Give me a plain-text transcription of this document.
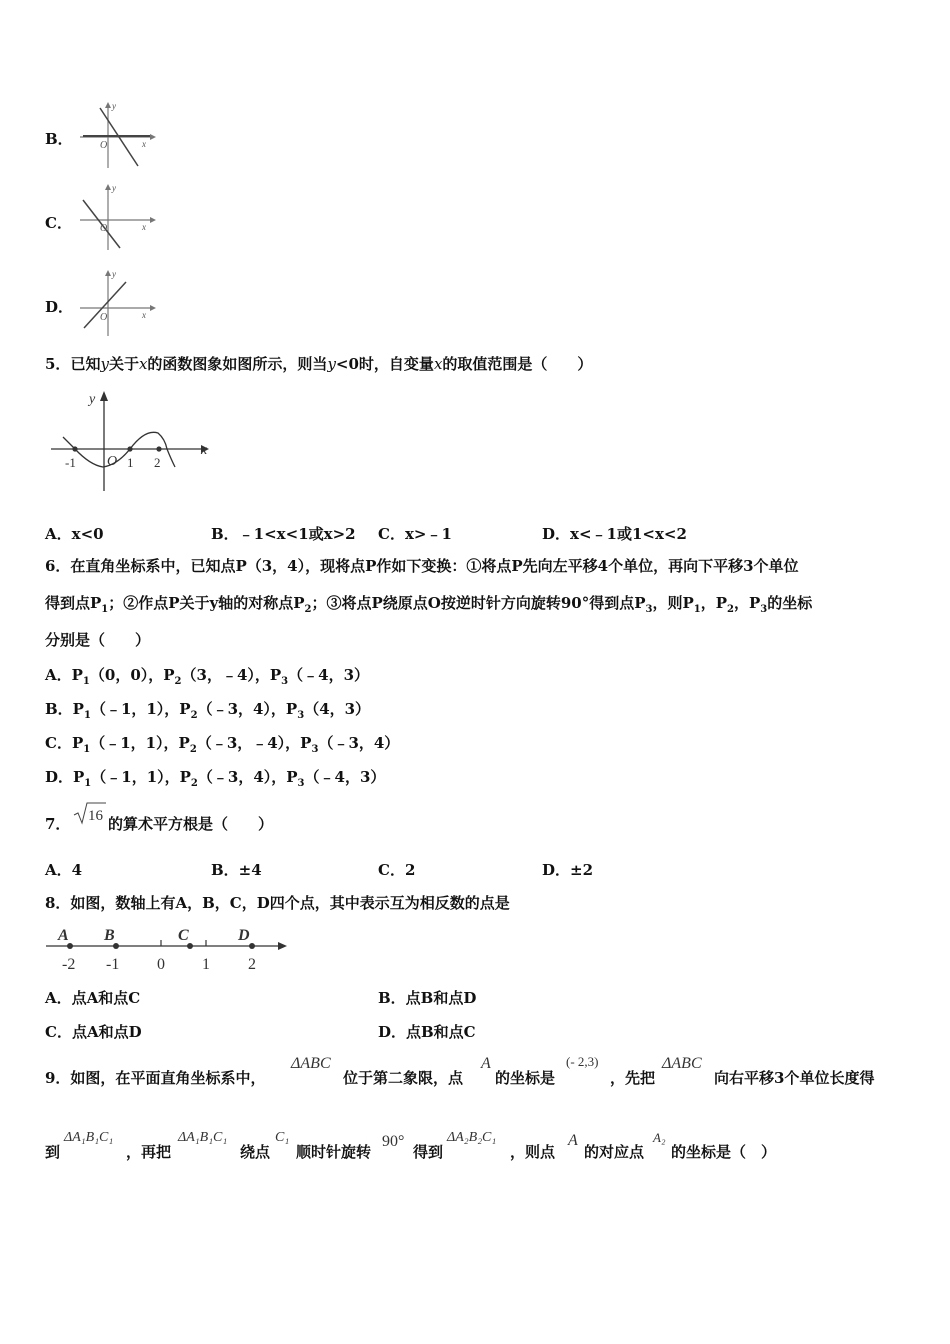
B．
y
x
O
C．
y
x
O
D．
y
x
O
5．已知y关于x的函数图象如图所示，则当y<0时，自变量x的取值范围是（　　）
y
x
O
-1	1 2
A．x<0	B．﹣1<x<1或x>2 C．x>﹣1	D．x<﹣1或1<x<2
6．在直角坐标系中，已知点P（3，4），现将点P作如下变换：①将点P先向左平移4个单位，再向下平移3个单位
得到点$P_1$；②作点P关于y轴的对称点$P_2$；③将点P绕原点O按逆时针方向旋转90°得到点$P_3$，则$P_1$，$P_2$，$P_3$的坐标
分别是（　　）
A．$P_1(0$，0），$P_2(3$，﹣4），$P_3(﹣4$，3）
B．$P_1(﹣1$，1），$P_2(﹣3$，4），$P_3(4$，3）
C．$P_1(﹣1$，1），$P_2(﹣3$，﹣4），$P_3(﹣3$，4）
D．$P_1(﹣1$，1），$P_2(﹣3$，4），$P_3(﹣4$，3）
7． 16 的算术平方根是（　　）
A．4	B．±4	C．2	D．±2
8．如图，数轴上有A，B，C，D四个点，其中表示互为相反数的点是
A B	C	D
-2 -1 0 1 2
A．点A和点C	B．点B和点D
C．点A和点D	D．点B和点C
9．如图，在平面直角坐标系中，
ΔABC
位于第二象限，点
A
的坐标是
(- 2,3)
，先把
ΔABC
向右平移3个单位长度得
到
ΔA₁B₁C₁
，再把
ΔA₁B₁C₁
绕点
C₁
顺时针旋转
90°
得到
ΔA₂B₂C₁
，则点
A
的对应点
A₂
的坐标是（　）
